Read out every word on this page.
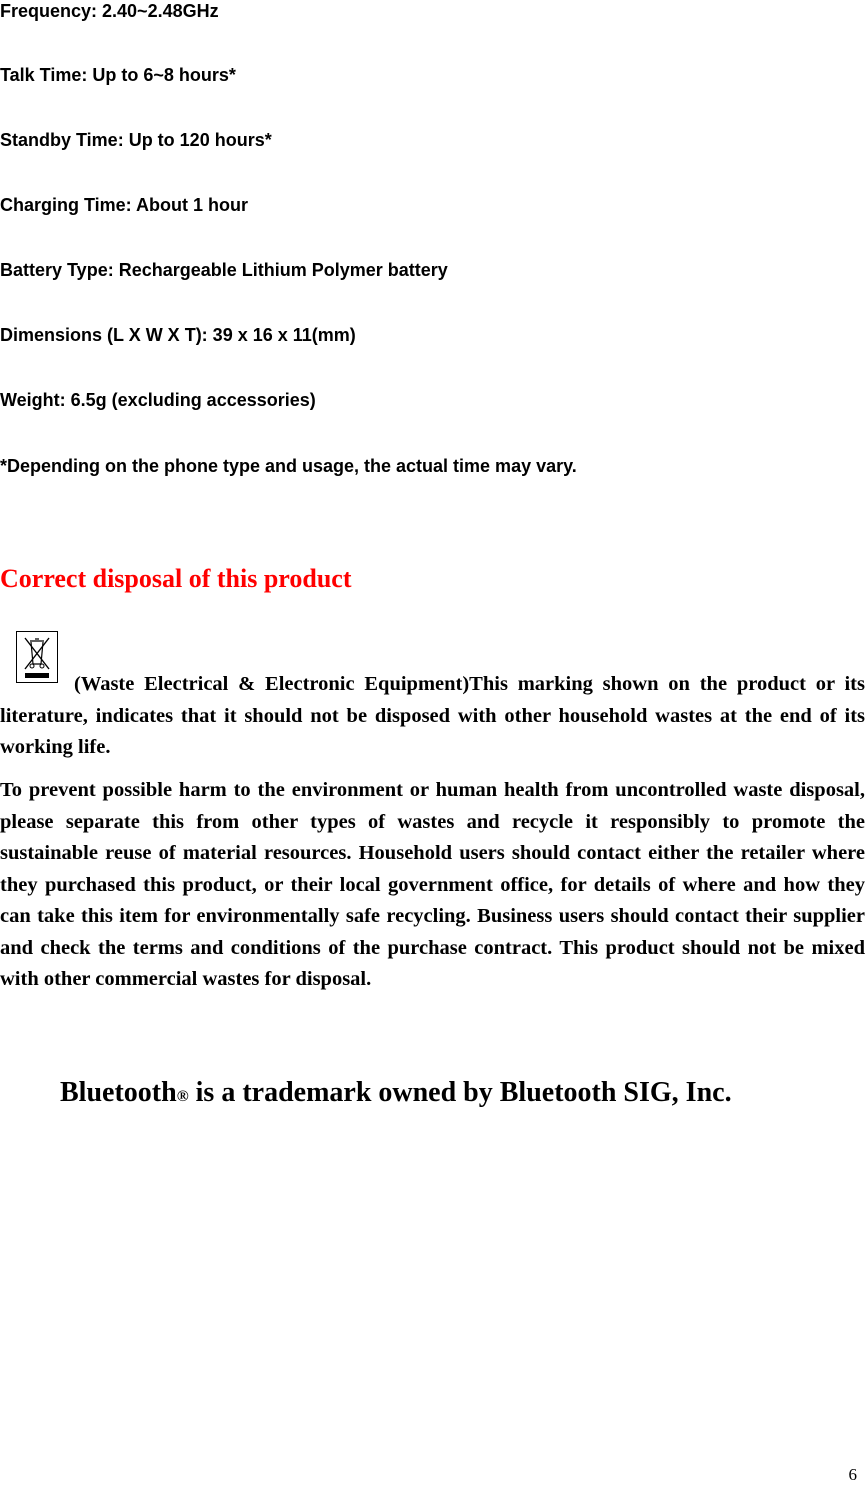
Frequency: 2.40~2.48GHz
Talk Time: Up to 6~8 hours*
Standby Time: Up to 120 hours*
Charging Time: About 1 hour
Battery Type: Rechargeable Lithium Polymer battery
Dimensions (L X W X T): 39 x 16 x 11(mm)
Weight: 6.5g (excluding accessories)
*Depending on the phone type and usage, the actual time may vary.
Correct disposal of this product
(Waste Electrical & Electronic Equipment)This marking shown on the product or its literature, indicates that it should not be disposed with other household wastes at the end of its working life.
To prevent possible harm to the environment or human health from uncontrolled waste disposal, please separate this from other types of wastes and recycle it responsibly to promote the sustainable reuse of material resources. Household users should contact either the retailer where they purchased this product, or their local government office, for details of where and how they can take this item for environmentally safe recycling. Business users should contact their supplier and check the terms and conditions of the purchase contract. This product should not be mixed with other commercial wastes for disposal.
Bluetooth® is a trademark owned by Bluetooth SIG, Inc.
6
